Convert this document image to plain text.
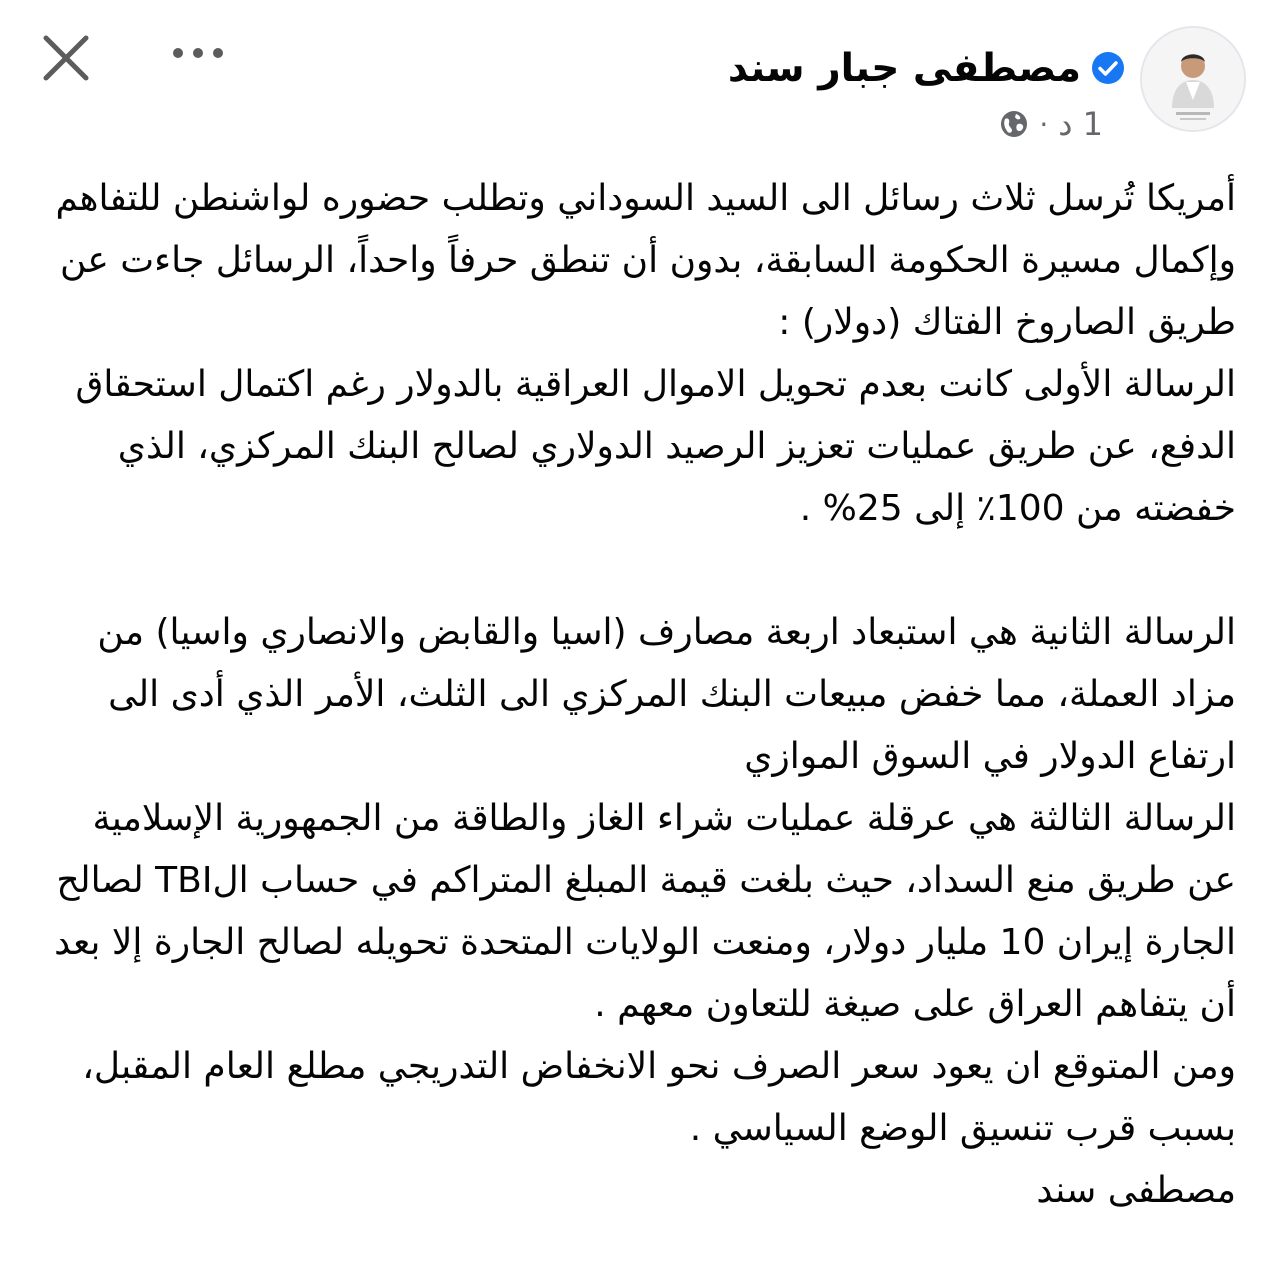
مصطفى جبار سند
1 د
·
أمريكا تُرسل ثلاث رسائل الى السيد السوداني وتطلب حضوره لواشنطن للتفاهم وإكمال مسيرة الحكومة السابقة، بدون أن تنطق حرفاً واحداً، الرسائل جاءت عن طريق الصاروخ الفتاك (دولار) :
الرسالة الأولى كانت بعدم تحويل الاموال العراقية بالدولار رغم اكتمال استحقاق الدفع، عن طريق عمليات تعزيز الرصيد الدولاري لصالح البنك المركزي، الذي خفضته من 100٪ إلى 25% .

الرسالة الثانية هي استبعاد اربعة مصارف (اسيا والقابض والانصاري واسيا) من مزاد العملة، مما خفض مبيعات البنك المركزي الى الثلث، الأمر الذي أدى الى ارتفاع الدولار في السوق الموازي
الرسالة الثالثة هي عرقلة عمليات شراء الغاز والطاقة من الجمهورية الإسلامية عن طريق منع السداد، حيث بلغت قيمة المبلغ المتراكم في حساب الTBI لصالح الجارة إيران 10 مليار دولار، ومنعت الولايات المتحدة تحويله لصالح الجارة إلا بعد أن يتفاهم العراق على صيغة للتعاون معهم .
ومن المتوقع ان يعود سعر الصرف نحو الانخفاض التدريجي مطلع العام المقبل، بسبب قرب تنسيق الوضع السياسي .
مصطفى سند
